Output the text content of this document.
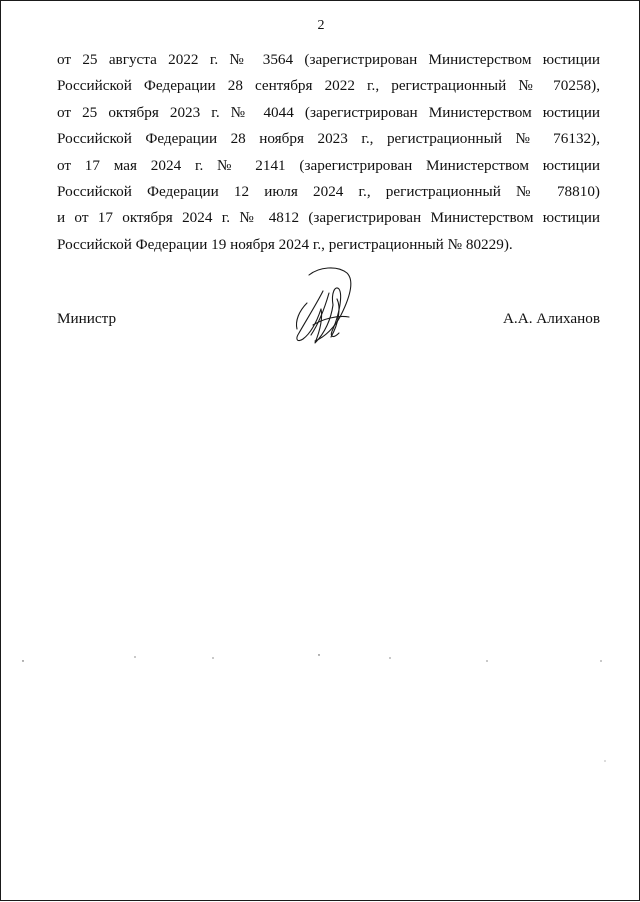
2
от 25 августа 2022 г. № 3564 (зарегистрирован Министерством юстиции
Российской Федерации 28 сентября 2022 г., регистрационный № 70258),
от 25 октября 2023 г. № 4044 (зарегистрирован Министерством юстиции
Российской Федерации 28 ноября 2023 г., регистрационный № 76132),
от 17 мая 2024 г. № 2141 (зарегистрирован Министерством юстиции
Российской Федерации 12 июля 2024 г., регистрационный № 78810)
и от 17 октября 2024 г. № 4812 (зарегистрирован Министерством юстиции
Российской Федерации 19 ноября 2024 г., регистрационный № 80229).
Министр	А.А. Алиханов
